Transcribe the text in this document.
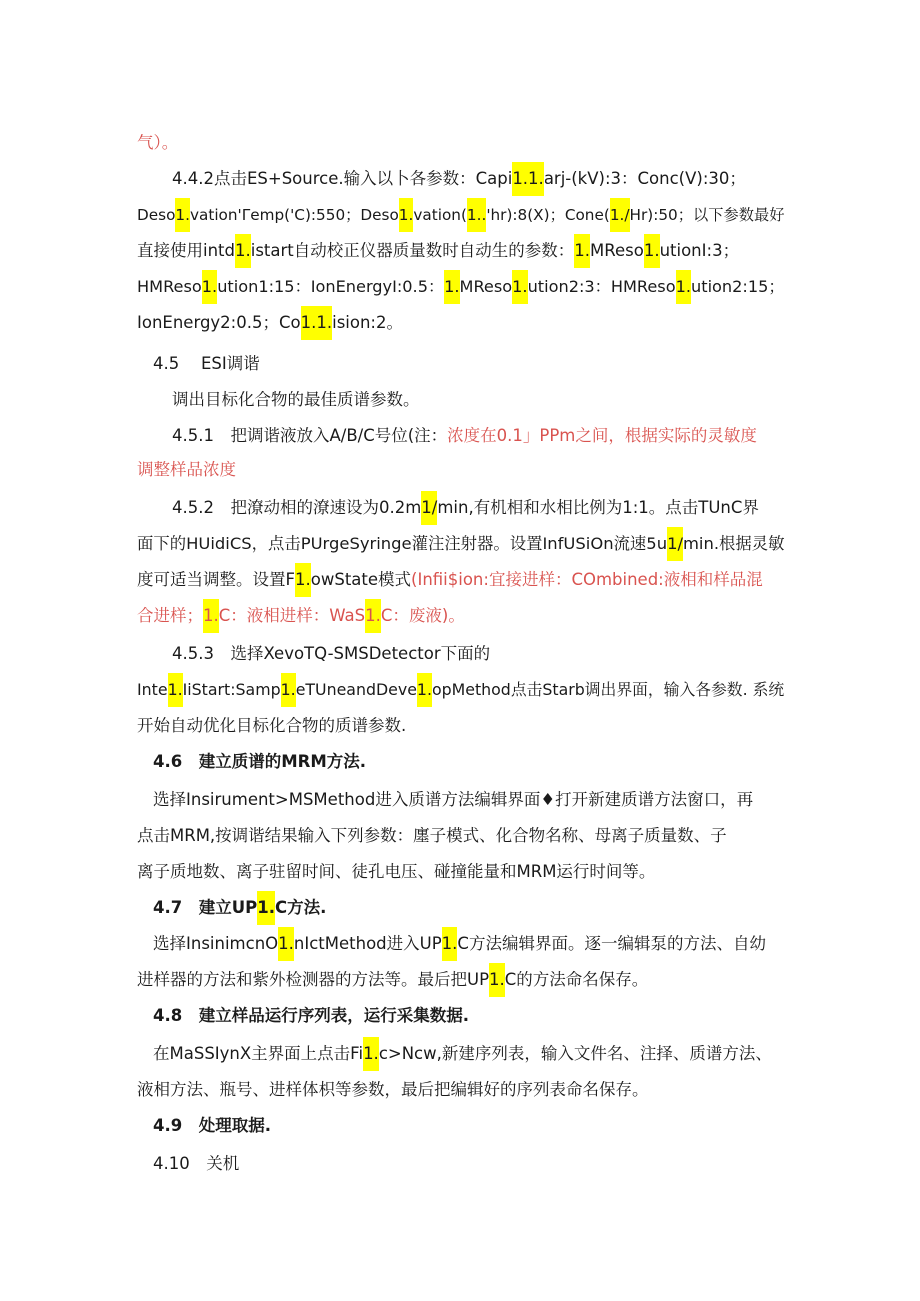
气）。
4.4.2点击ES+Source.输入以卜各参数：Capi1.1.arj-(kV):3：Conc(V):30；
Deso1.vation'Γemp('C):550；Deso1.vation(1..'hr):8(X)；Cone(1./Hr):50；以下参数最好
直接使用intd1.istart自动校正仪器质量数时自动生的参数：1.MReso1.utionI:3；
HMReso1.ution1:15：IonEnergyI:0.5：1.MReso1.ution2:3：HMReso1.ution2:15；
IonEnergy2:0.5；Co1.1.ision:2。
4.5　 ESI调谐
调出目标化合物的最佳质谱参数。
4.5.1　把调谐液放入A/B/C号位(注：浓度在0.1」PPm之间，根据实际的灵敏度
调整样品浓度
4.5.2　把潦动相的潦速设为0.2m1/min,有机相和水相比例为1:1。点击TUnC界
面下的HUidiCS，点击PUrgeSyringe灌注注射器。设置InfUSiOn流速5u1/min.根据灵敏
度可适当调整。设置F1.owState模式(Infii$ion:宜接进样：COmbined:液相和样品混
合进样；1.C：液相进样：WaS1.C：废液)。
4.5.3　选择XevoTQ-SMSDetector下面的
Inte1.IiStart:Samp1.eTUneandDeve1.opMethod点击Starb调出界面，输入各参数. 系统
开始自动优化目标化合物的质谱参数.
4.6　建立质谱的MRM方法.
选择Insirument>MSMethod进入质谱方法编辑界面♦打开新建质谱方法窗口，再
点击MRM,按调谐结果输入下列参数：廛子模式、化合物名称、母离子质量数、子
离子质地数、离子驻留时间、徒孔电压、碰撞能量和MRM运行时间等。
4.7　建立UP1.C方法.
选择InsinimcnO1.nIctMethod进入UP1.C方法编辑界面。逐一编辑泵的方法、自幼
进样器的方法和紫外检测器的方法等。最后把UP1.C的方法命名保存。
4.8　建立样品运行序列表，运行采集数据.
在MaSSIynX主界面上点击Fi1.c>Ncw,新建序列表，输入文件名、注择、质谱方法、
液相方法、瓶号、进样体枳等参数，最后把编辑好的序列表命名保存。
4.9　处理取据.
4.10　关机
